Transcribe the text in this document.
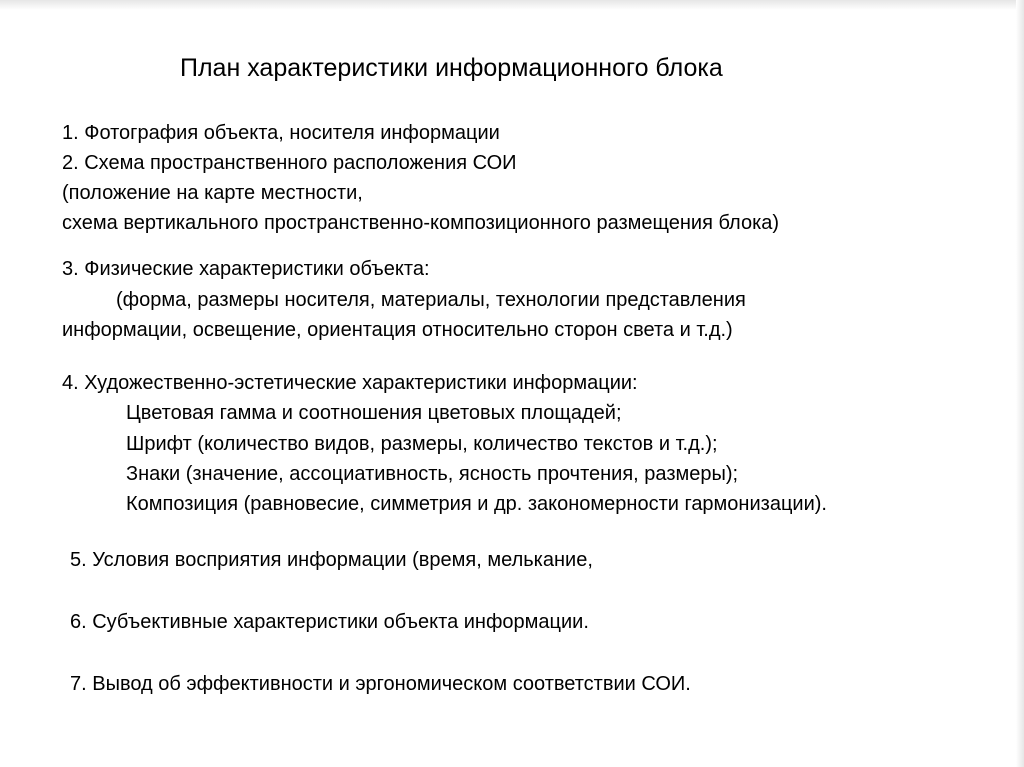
План характеристики информационного блока
1. Фотография объекта, носителя информации
2. Схема пространственного расположения СОИ
(положение на карте местности,
схема вертикального пространственно-композиционного размещения блока)
3. Физические характеристики объекта:
(форма, размеры носителя, материалы, технологии представления
информации, освещение, ориентация относительно сторон света и т.д.)
4. Художественно-эстетические характеристики информации:
Цветовая гамма и соотношения цветовых площадей;
Шрифт (количество видов, размеры, количество текстов и т.д.);
Знаки (значение, ассоциативность, ясность прочтения, размеры);
Композиция (равновесие, симметрия и др. закономерности гармонизации).
5. Условия восприятия информации (время, мелькание,
6. Субъективные характеристики объекта информации.
7. Вывод об эффективности и эргономическом соответствии СОИ.
